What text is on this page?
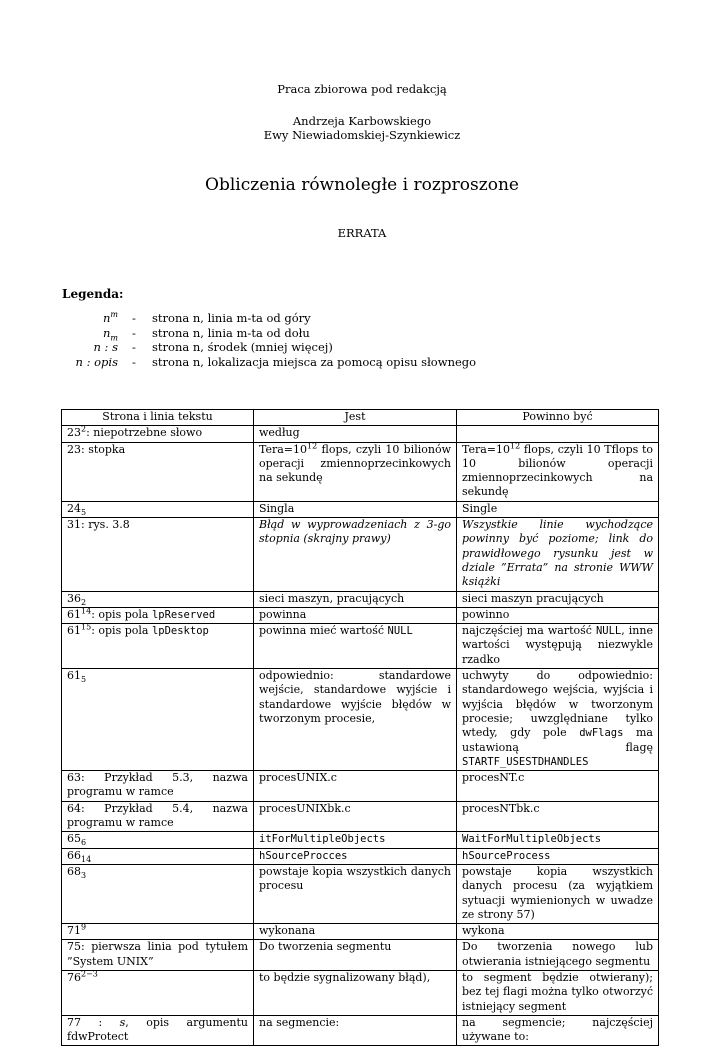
Praca zbiorowa pod redakcją
Andrzeja Karbowskiego
Ewy Niewiadomskiej-Szynkiewicz
Obliczenia równoległe i rozproszone
ERRATA
Legenda:
$n^m$	-	strona n, linia m-ta od góry
$n_m$	-	strona n, linia m-ta od dołu
n : s	-	strona n, środek (mniej więcej)
n : opis	-	strona n, lokalizacja miejsca za pomocą opisu słownego
Strona i linia tekstu	Jest	Powinno być
$23^2$: niepotrzebne słowo	według	
23: stopka	$Tera=10^{12}$ flops, czyli 10 bilionów operacji zmiennoprzecinkowych na sekundę	$Tera=10^{12}$ flops, czyli 10 Tflops to 10 bilionów operacji zmiennoprzecinkowych na sekundę
$24_5$	Singla	Single
31: rys. 3.8	Błąd w wyprowadzeniach z 3-go stopnia (skrajny prawy)	Wszystkie linie wychodzące powinny być poziome; link do prawidłowego rysunku jest w dziale ”Errata” na stronie WWW książki
$36_2$	sieci maszyn, pracujących	sieci maszyn pracujących
$61^{14}$: opis pola lpReserved	powinna	powinno
$61^{15}$: opis pola lpDesktop	powinna mieć wartość NULL	najczęściej ma wartość NULL, inne wartości występują niezwykle rzadko
$61_5$	odpowiednio: standardowe wejście, standardowe wyjście i standardowe wyjście błędów w tworzonym procesie,	uchwyty do odpowiednio: standardowego wejścia, wyjścia i wyjścia błędów w tworzonym procesie; uwzględniane tylko wtedy, gdy pole dwFlags ma ustawioną flagę STARTF_USESTDHANDLES
63: Przykład 5.3, nazwa programu w ramce	procesUNIX.c	procesNT.c
64: Przykład 5.4, nazwa programu w ramce	procesUNIXbk.c	procesNTbk.c
$65_6$	itForMultipleObjects	WaitForMultipleObjects
$66_{14}$	hSourceProcces	hSourceProcess
$68_3$	powstaje kopia wszystkich danych procesu	powstaje kopia wszystkich danych procesu (za wyjątkiem sytuacji wymienionych w uwadze ze strony 57)
$71^9$	wykonana	wykona
75: pierwsza linia pod tytułem ”System UNIX”	Do tworzenia segmentu	Do tworzenia nowego lub otwierania istniejącego segmentu
$76^{2-3}$	to będzie sygnalizowany błąd),	to segment będzie otwierany); bez tej flagi można tylko otworzyć istniejący segment
77 : s, opis argumentu fdwProtect	na segmencie:	na segmencie; najczęściej używane to:
